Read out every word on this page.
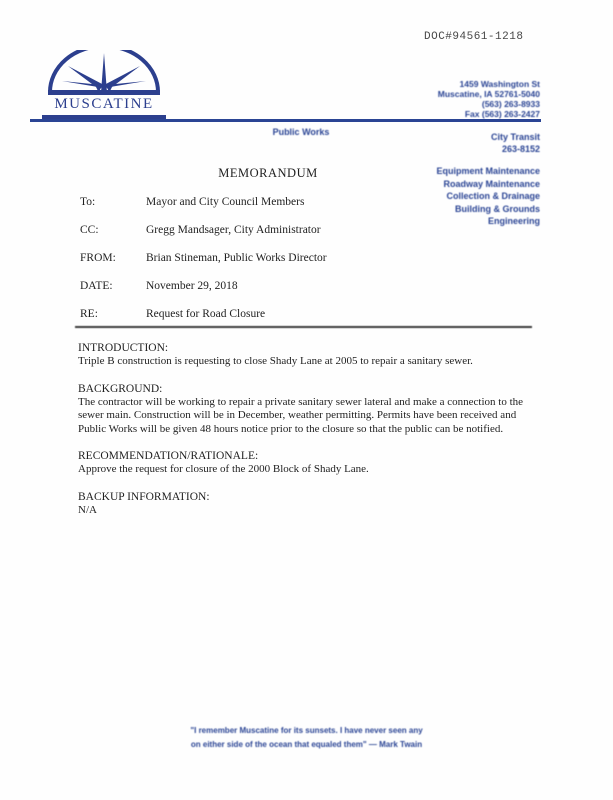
DOC#94561-1218
MUSCATINE
1459 Washington St
Muscatine, IA 52761-5040
(563) 263-8933
Fax (563) 263-2427
Public Works	City Transit
263-8152
Equipment Maintenance
Roadway Maintenance
Collection & Drainage
Building & Grounds
Engineering
MEMORANDUM
To:	Mayor and City Council Members
CC:	Gregg Mandsager, City Administrator
FROM:	Brian Stineman, Public Works Director
DATE:	November 29, 2018
RE:	Request for Road Closure
INTRODUCTION:
Triple B construction is requesting to close Shady Lane at 2005 to repair a sanitary sewer.
BACKGROUND:
The contractor will be working to repair a private sanitary sewer lateral and make a connection to the sewer main. Construction will be in December, weather permitting. Permits have been received and Public Works will be given 48 hours notice prior to the closure so that the public can be notified.
RECOMMENDATION/RATIONALE:
Approve the request for closure of the 2000 Block of Shady Lane.
BACKUP INFORMATION:
N/A
"I remember Muscatine for its sunsets. I have never seen any
on either side of the ocean that equaled them" — Mark Twain
